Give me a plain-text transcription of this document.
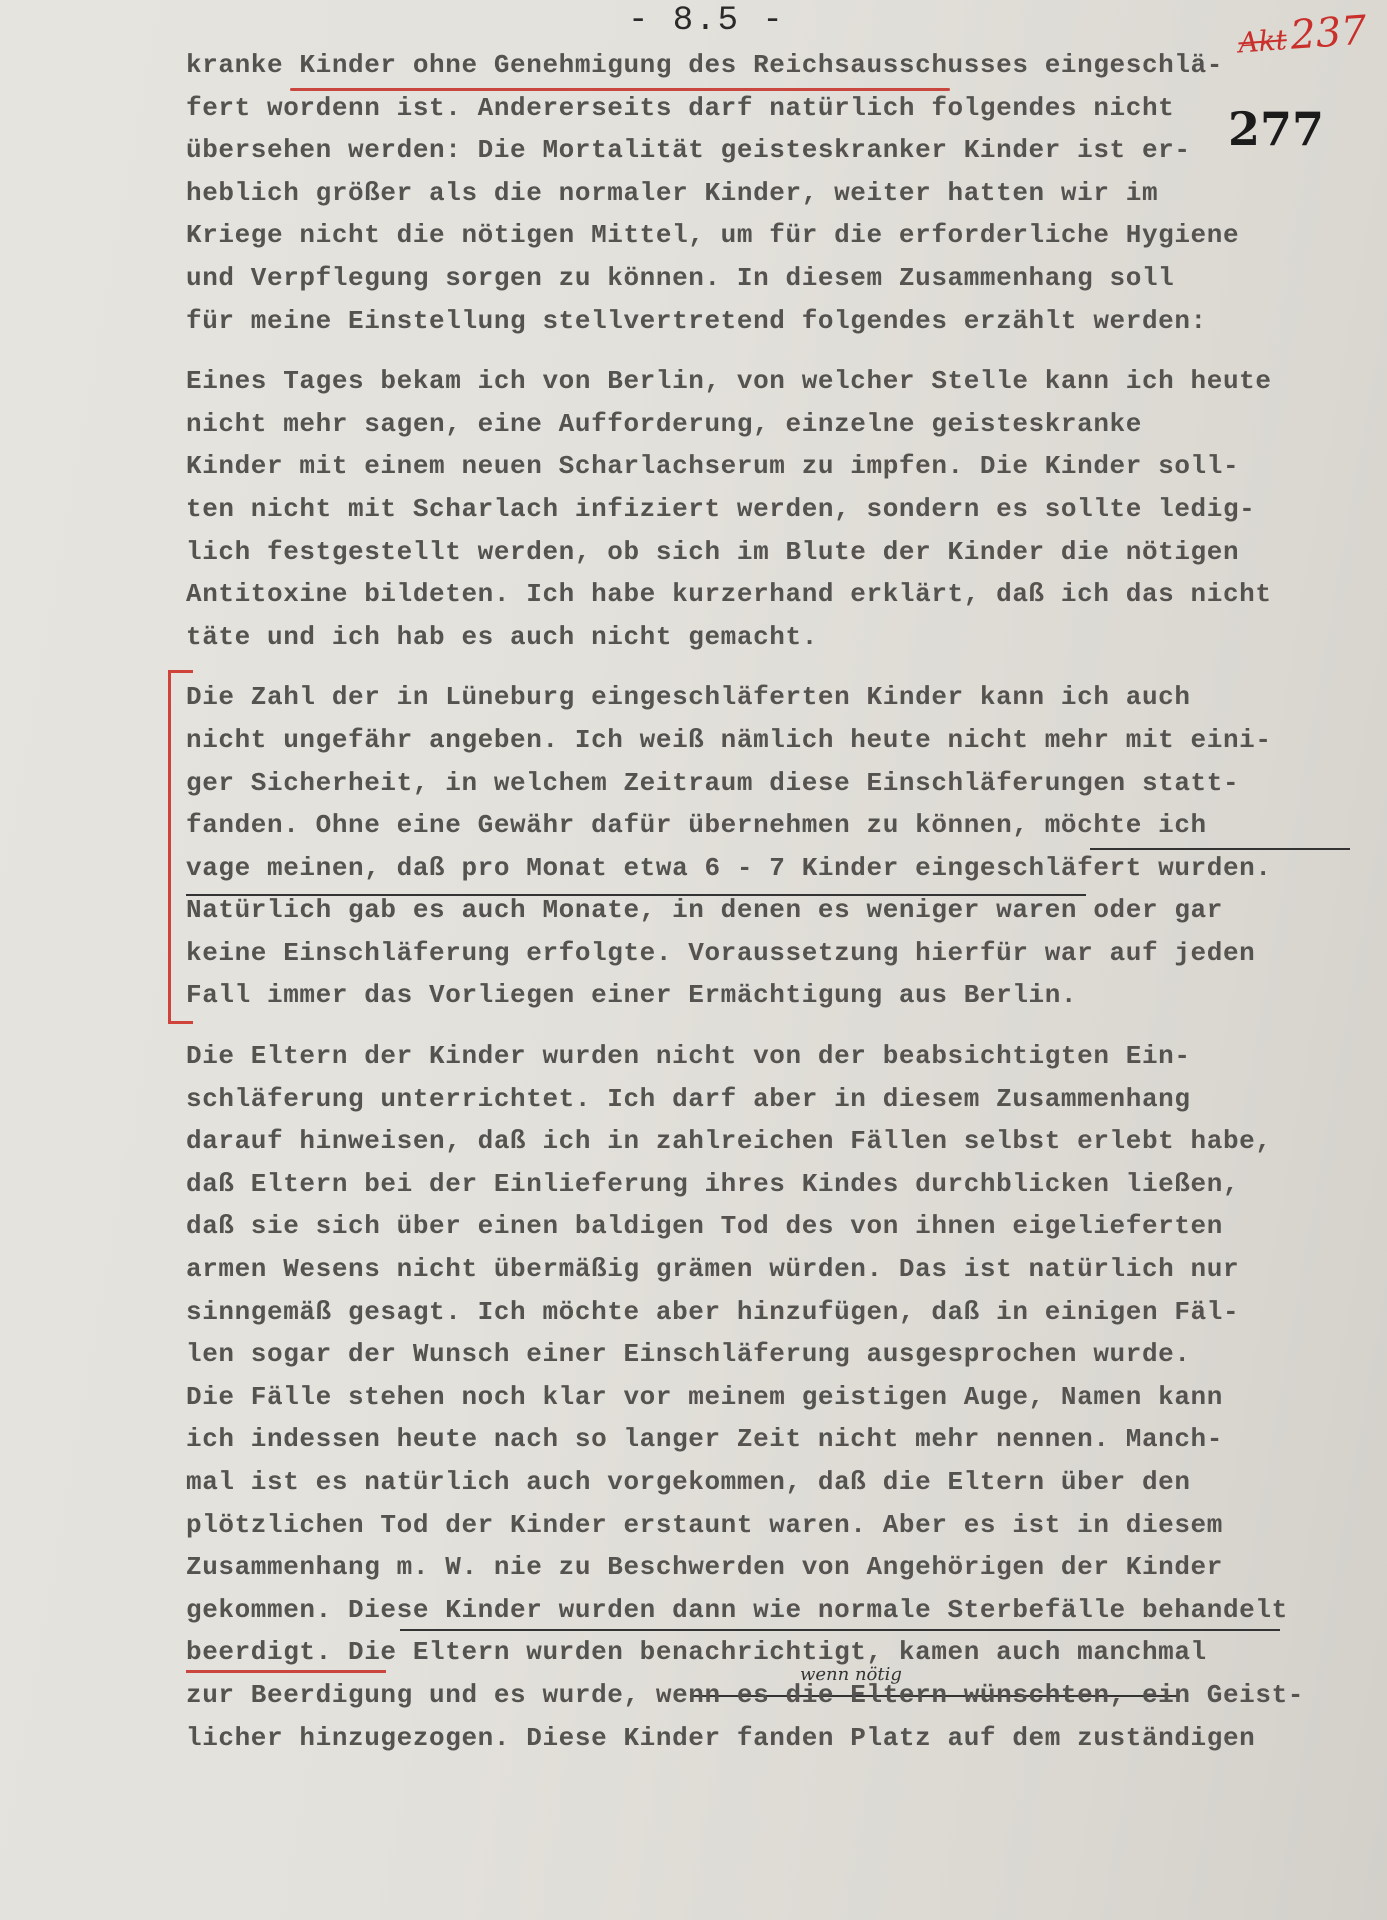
- 8.5 -
Akt237
277
wenn nötig
kranke Kinder ohne Genehmigung des Reichsausschusses eingeschlä-
fert wordenn ist. Andererseits darf natürlich folgendes nicht
übersehen werden: Die Mortalität geisteskranker Kinder ist er-
heblich größer als die normaler Kinder, weiter hatten wir im
Kriege nicht die nötigen Mittel, um für die erforderliche Hygiene
und Verpflegung sorgen zu können. In diesem Zusammenhang soll
für meine Einstellung stellvertretend folgendes erzählt werden:
Eines Tages bekam ich von Berlin, von welcher Stelle kann ich heute
nicht mehr sagen, eine Aufforderung, einzelne geisteskranke
Kinder mit einem neuen Scharlachserum zu impfen. Die Kinder soll-
ten nicht mit Scharlach infiziert werden, sondern es sollte ledig-
lich festgestellt werden, ob sich im Blute der Kinder die nötigen
Antitoxine bildeten. Ich habe kurzerhand erklärt, daß ich das nicht
täte und ich hab es auch nicht gemacht.
Die Zahl der in Lüneburg eingeschläferten Kinder kann ich auch
nicht ungefähr angeben. Ich weiß nämlich heute nicht mehr mit eini-
ger Sicherheit, in welchem Zeitraum diese Einschläferungen statt-
fanden. Ohne eine Gewähr dafür übernehmen zu können, möchte ich
vage meinen, daß pro Monat etwa 6 - 7 Kinder eingeschläfert wurden.
Natürlich gab es auch Monate, in denen es weniger waren oder gar
keine Einschläferung erfolgte. Voraussetzung hierfür war auf jeden
Fall immer das Vorliegen einer Ermächtigung aus Berlin.
Die Eltern der Kinder wurden nicht von der beabsichtigten Ein-
schläferung unterrichtet. Ich darf aber in diesem Zusammenhang
darauf hinweisen, daß ich in zahlreichen Fällen selbst erlebt habe,
daß Eltern bei der Einlieferung ihres Kindes durchblicken ließen,
daß sie sich über einen baldigen Tod des von ihnen eigelieferten
armen Wesens nicht übermäßig grämen würden. Das ist natürlich nur
sinngemäß gesagt. Ich möchte aber hinzufügen, daß in einigen Fäl-
len sogar der Wunsch einer Einschläferung ausgesprochen wurde.
Die Fälle stehen noch klar vor meinem geistigen Auge, Namen kann
ich indessen heute nach so langer Zeit nicht mehr nennen. Manch-
mal ist es natürlich auch vorgekommen, daß die Eltern über den
plötzlichen Tod der Kinder erstaunt waren. Aber es ist in diesem
Zusammenhang m. W. nie zu Beschwerden von Angehörigen der Kinder
gekommen. Diese Kinder wurden dann wie normale Sterbefälle behandelt
beerdigt. Die Eltern wurden benachrichtigt, kamen auch manchmal
zur Beerdigung und es wurde, wenn es die Eltern wünschten, ein Geist-
licher hinzugezogen. Diese Kinder fanden Platz auf dem zuständigen
